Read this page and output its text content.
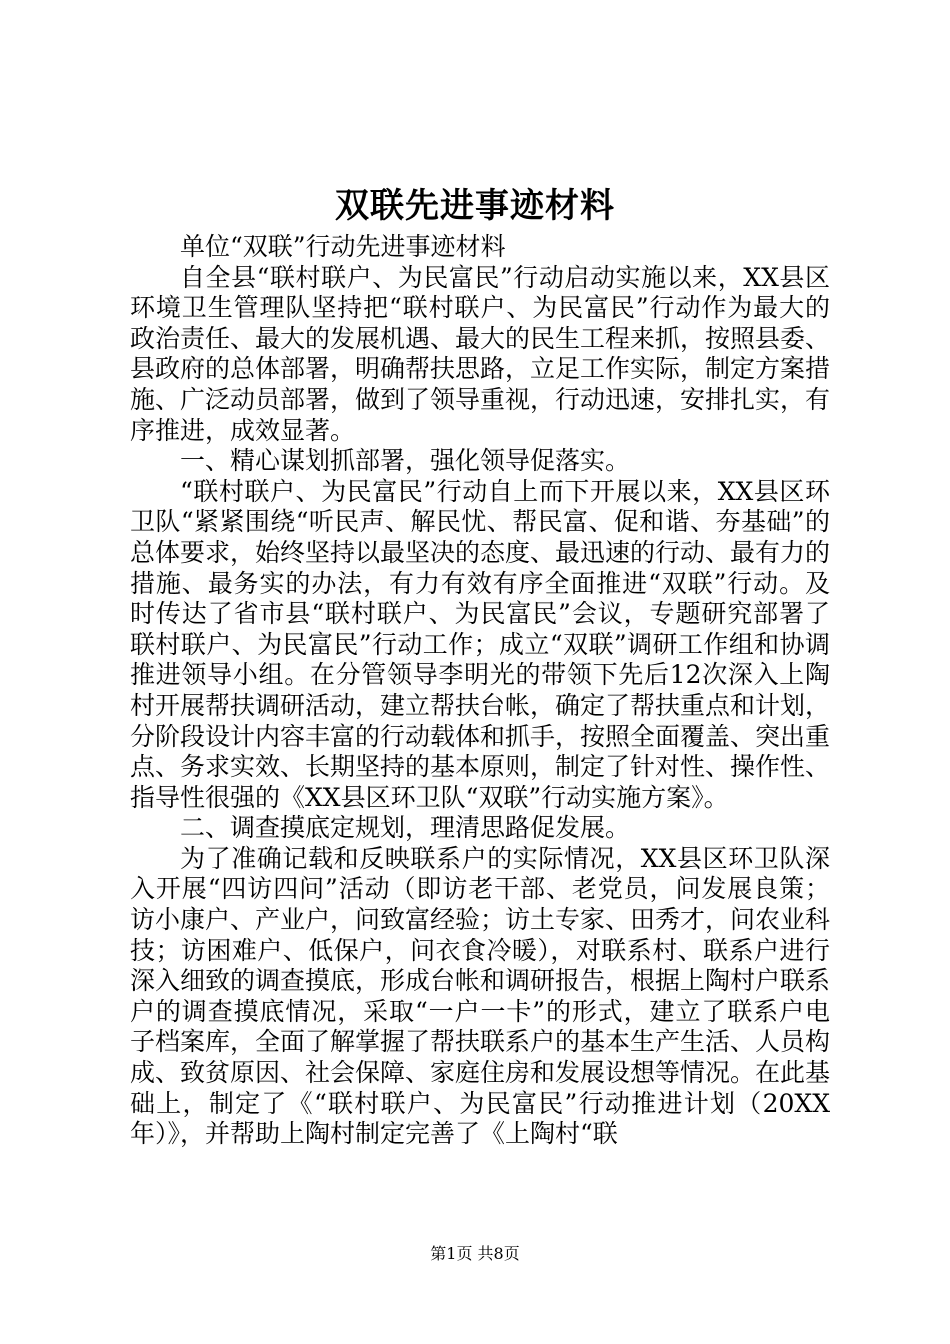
双联先进事迹材料

单位“双联”行动先进事迹材料

自全县“联村联户、为民富民”行动启动实施以来，XX县区环境卫生管理队坚持把“联村联户、为民富民”行动作为最大的政治责任、最大的发展机遇、最大的民生工程来抓，按照县委、县政府的总体部署，明确帮扶思路，立足工作实际，制定方案措施、广泛动员部署，做到了领导重视，行动迅速，安排扎实，有序推进，成效显著。

一、精心谋划抓部署，强化领导促落实。

“联村联户、为民富民”行动自上而下开展以来，XX县区环卫队“紧紧围绕“听民声、解民忧、帮民富、促和谐、夯基础”的总体要求，始终坚持以最坚决的态度、最迅速的行动、最有力的措施、最务实的办法，有力有效有序全面推进“双联”行动。及时传达了省市县“联村联户、为民富民”会议，专题研究部署了联村联户、为民富民”行动工作；成立“双联”调研工作组和协调推进领导小组。在分管领导李明光的带领下先后12次深入上陶村开展帮扶调研活动，建立帮扶台帐，确定了帮扶重点和计划，分阶段设计内容丰富的行动载体和抓手，按照全面覆盖、突出重点、务求实效、长期坚持的基本原则，制定了针对性、操作性、指导性很强的《XX县区环卫队“双联”行动实施方案》。

二、调查摸底定规划，理清思路促发展。

为了准确记载和反映联系户的实际情况，XX县区环卫队深入开展“四访四问”活动（即访老干部、老党员，问发展良策；访小康户、产业户，问致富经验；访土专家、田秀才，问农业科技；访困难户、低保户，问衣食冷暖），对联系村、联系户进行深入细致的调查摸底，形成台帐和调研报告，根据上陶村户联系户的调查摸底情况，采取“一户一卡”的形式，建立了联系户电子档案库，全面了解掌握了帮扶联系户的基本生产生活、人员构成、致贫原因、社会保障、家庭住房和发展设想等情况。在此基础上，制定了《“联村联户、为民富民”行动推进计划（20XX年）》，并帮助上陶村制定完善了《上陶村“联

第1页 共8页
